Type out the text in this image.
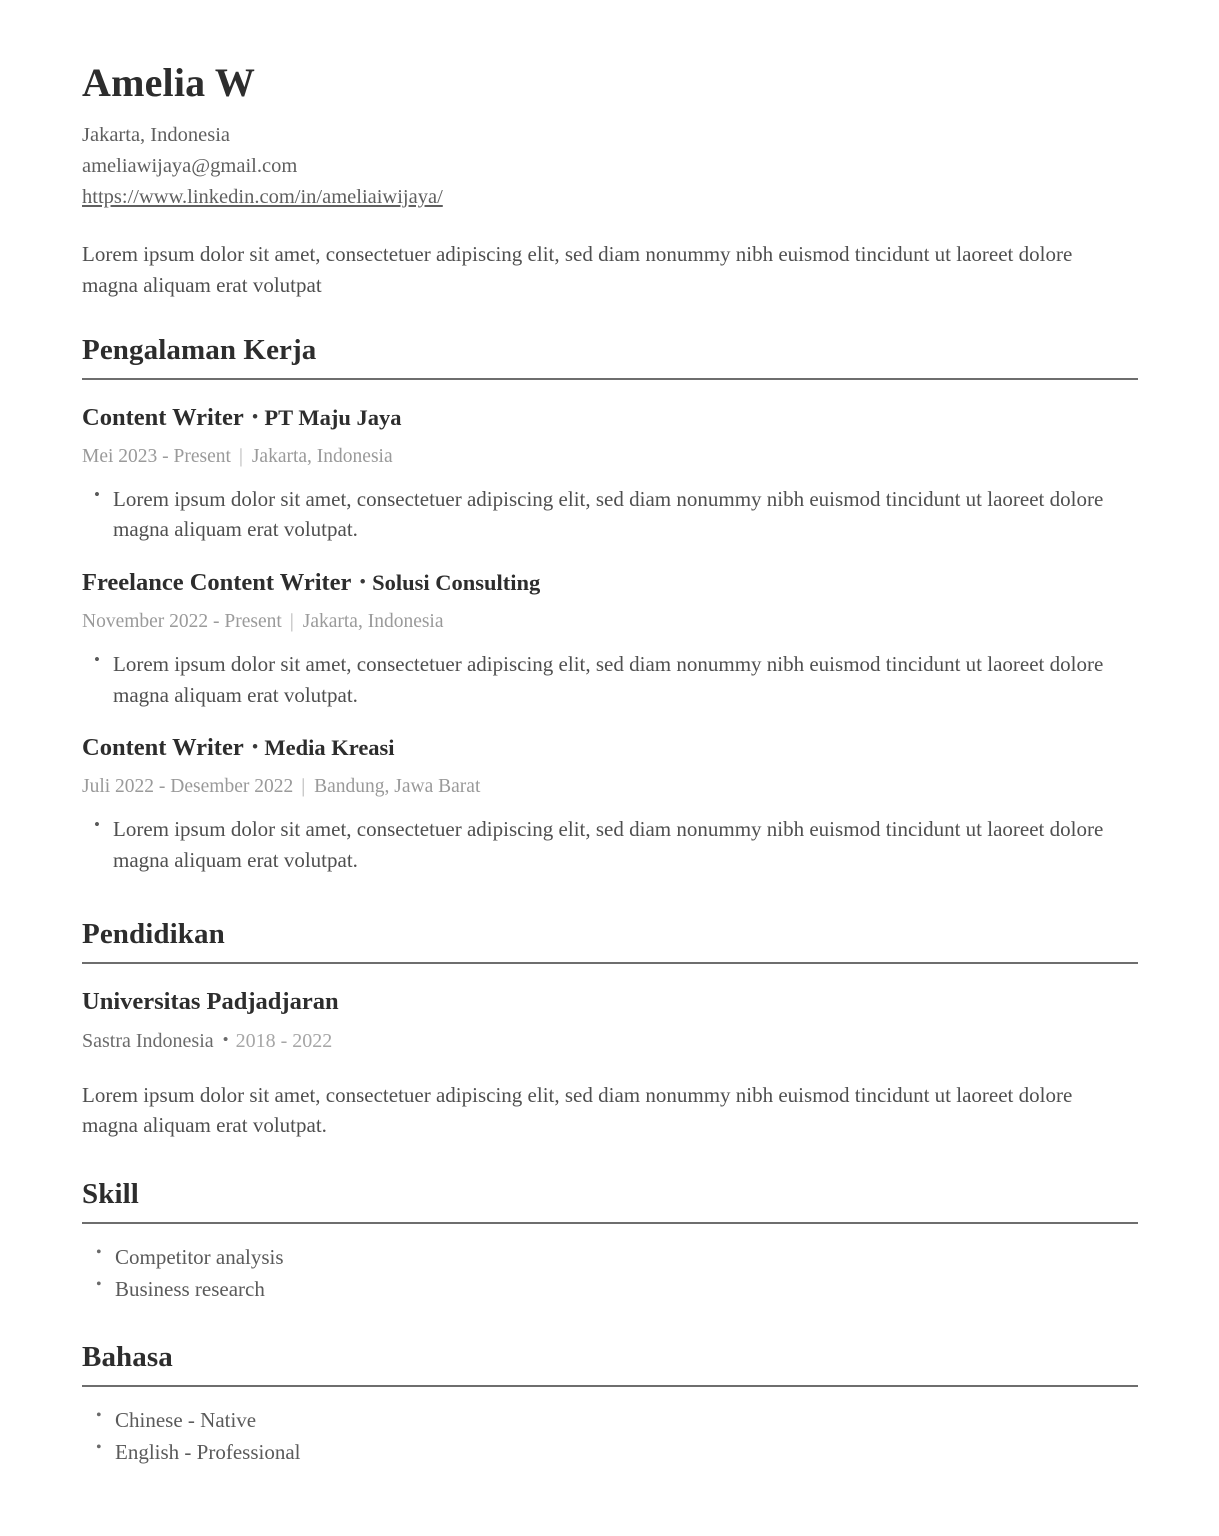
Amelia W
Jakarta, Indonesia
ameliawijaya@gmail.com
https://www.linkedin.com/in/ameliaiwijaya/

Lorem ipsum dolor sit amet, consectetuer adipiscing elit, sed diam nonummy nibh euismod tincidunt ut laoreet dolore magna aliquam erat volutpat

Pengalaman Kerja
Content Writer • PT Maju Jaya
Mei 2023 - Present | Jakarta, Indonesia
• Lorem ipsum dolor sit amet, consectetuer adipiscing elit, sed diam nonummy nibh euismod tincidunt ut laoreet dolore magna aliquam erat volutpat.
Freelance Content Writer • Solusi Consulting
November 2022 - Present | Jakarta, Indonesia
• Lorem ipsum dolor sit amet, consectetuer adipiscing elit, sed diam nonummy nibh euismod tincidunt ut laoreet dolore magna aliquam erat volutpat.
Content Writer • Media Kreasi
Juli 2022 - Desember 2022 | Bandung, Jawa Barat
• Lorem ipsum dolor sit amet, consectetuer adipiscing elit, sed diam nonummy nibh euismod tincidunt ut laoreet dolore magna aliquam erat volutpat.
Pendidikan
Universitas Padjadjaran
Sastra Indonesia • 2018 - 2022

Lorem ipsum dolor sit amet, consectetuer adipiscing elit, sed diam nonummy nibh euismod tincidunt ut laoreet dolore magna aliquam erat volutpat.

Skill
• Competitor analysis
• Business research
Bahasa
• Chinese - Native
• English - Professional
